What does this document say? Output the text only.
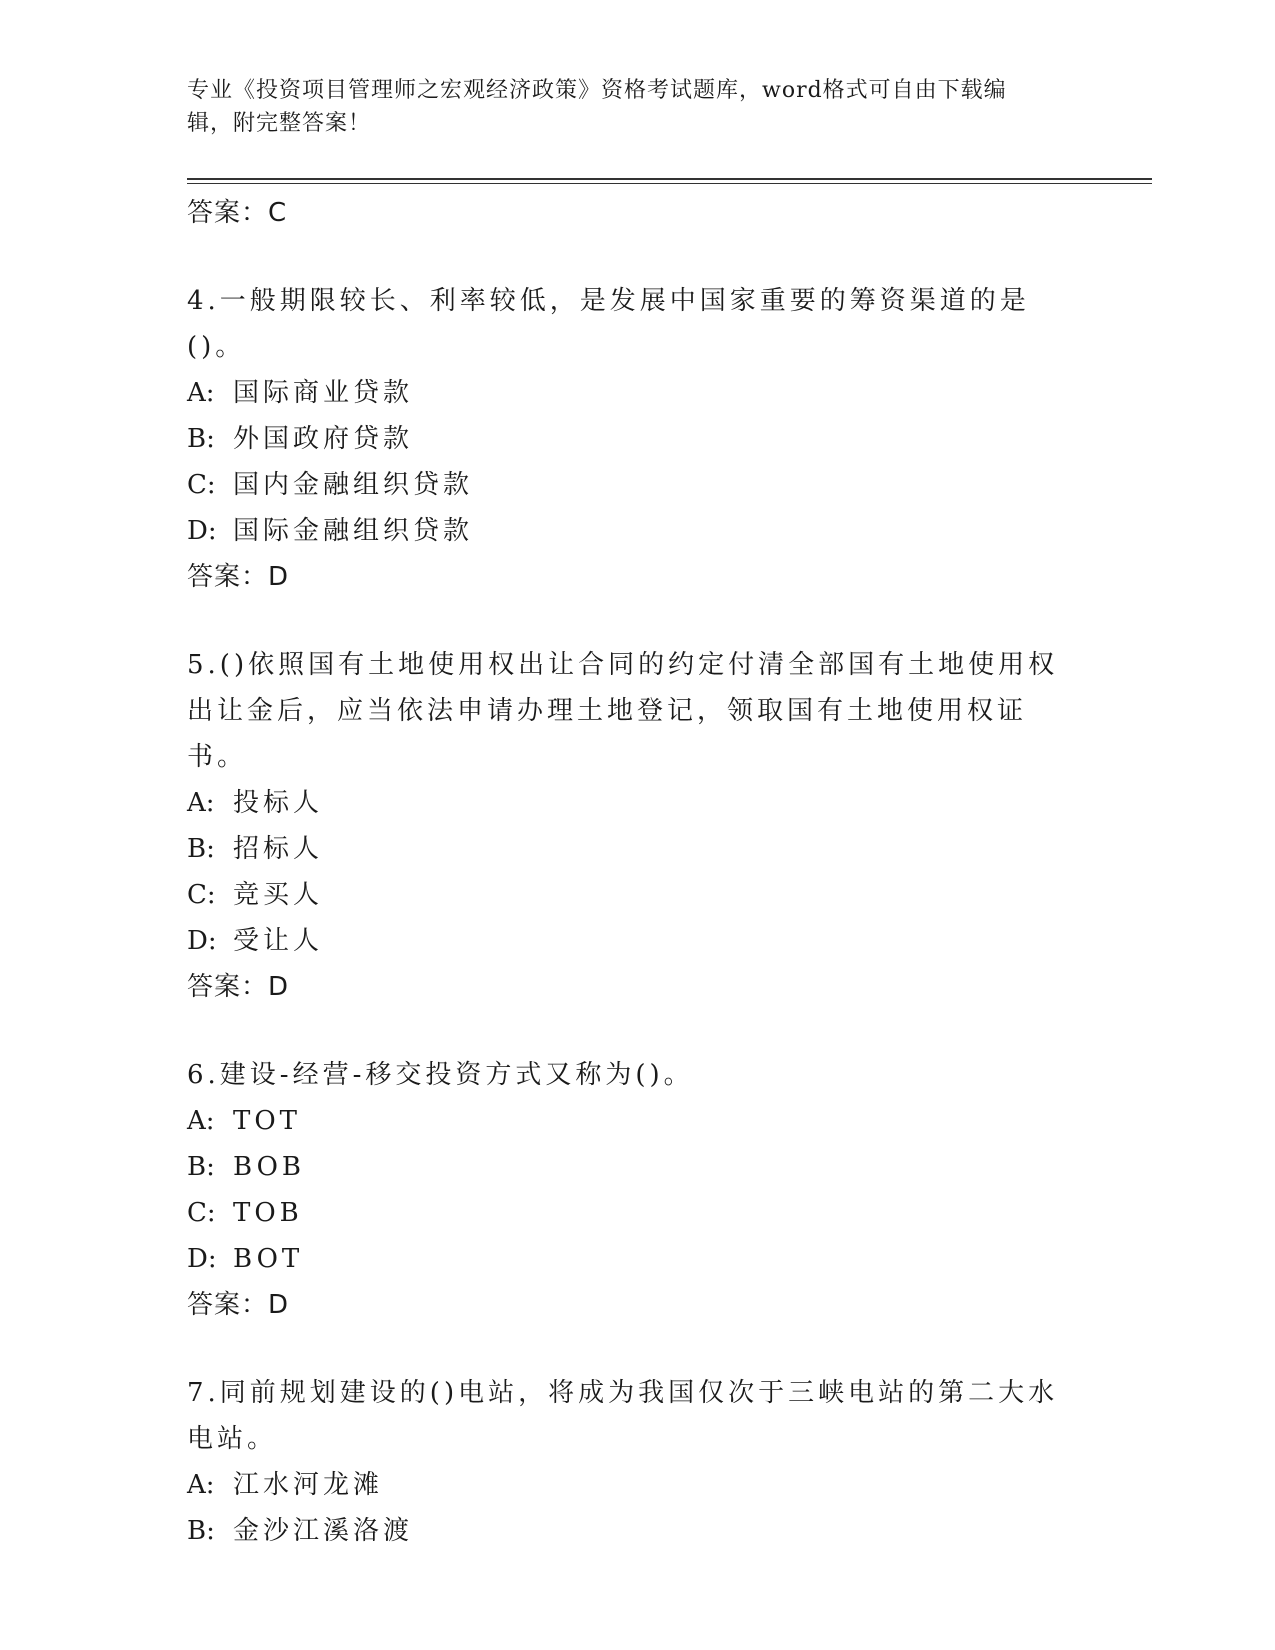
专业《投资项目管理师之宏观经济政策》资格考试题库，word格式可自由下载编
辑，附完整答案！
答案：C
4.一般期限较长、利率较低，是发展中国家重要的筹资渠道的是()。
A: 国际商业贷款
B: 外国政府贷款
C: 国内金融组织贷款
D: 国际金融组织贷款
答案：D
5.()依照国有土地使用权出让合同的约定付清全部国有土地使用权出让金后，应当依法申请办理土地登记，领取国有土地使用权证书。
A: 投标人
B: 招标人
C: 竞买人
D: 受让人
答案：D
6.建设-经营-移交投资方式又称为()。
A: TOT
B: BOB
C: TOB
D: BOT
答案：D
7.同前规划建设的()电站，将成为我国仅次于三峡电站的第二大水电站。
A: 江水河龙滩
B: 金沙江溪洛渡
